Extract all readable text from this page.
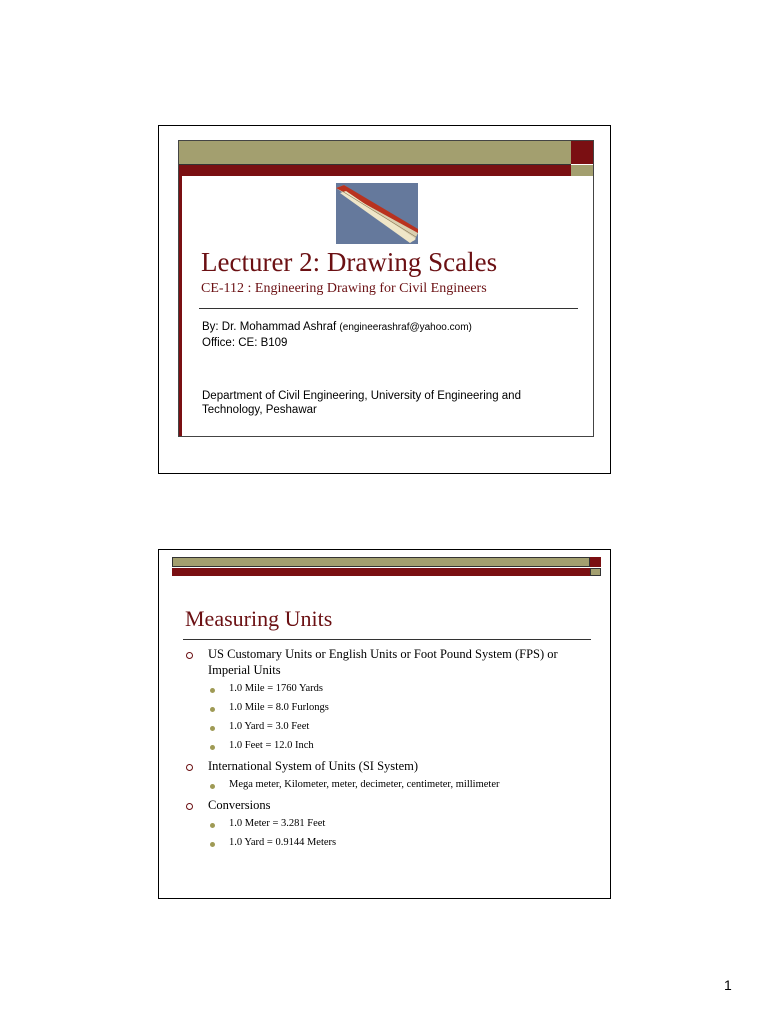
Lecturer 2: Drawing Scales
CE-112 : Engineering Drawing for Civil Engineers
By: Dr. Mohammad Ashraf (engineerashraf@yahoo.com)
Office: CE: B109
Department of Civil Engineering, University of Engineering and Technology, Peshawar
Measuring Units
US Customary Units or English Units or Foot Pound System (FPS) or Imperial Units
1.0 Mile = 1760 Yards
1.0 Mile = 8.0 Furlongs
1.0 Yard = 3.0 Feet
1.0 Feet = 12.0 Inch
International System of Units (SI System)
Mega meter, Kilometer, meter, decimeter, centimeter, millimeter
Conversions
1.0 Meter = 3.281 Feet
1.0 Yard = 0.9144 Meters
1
